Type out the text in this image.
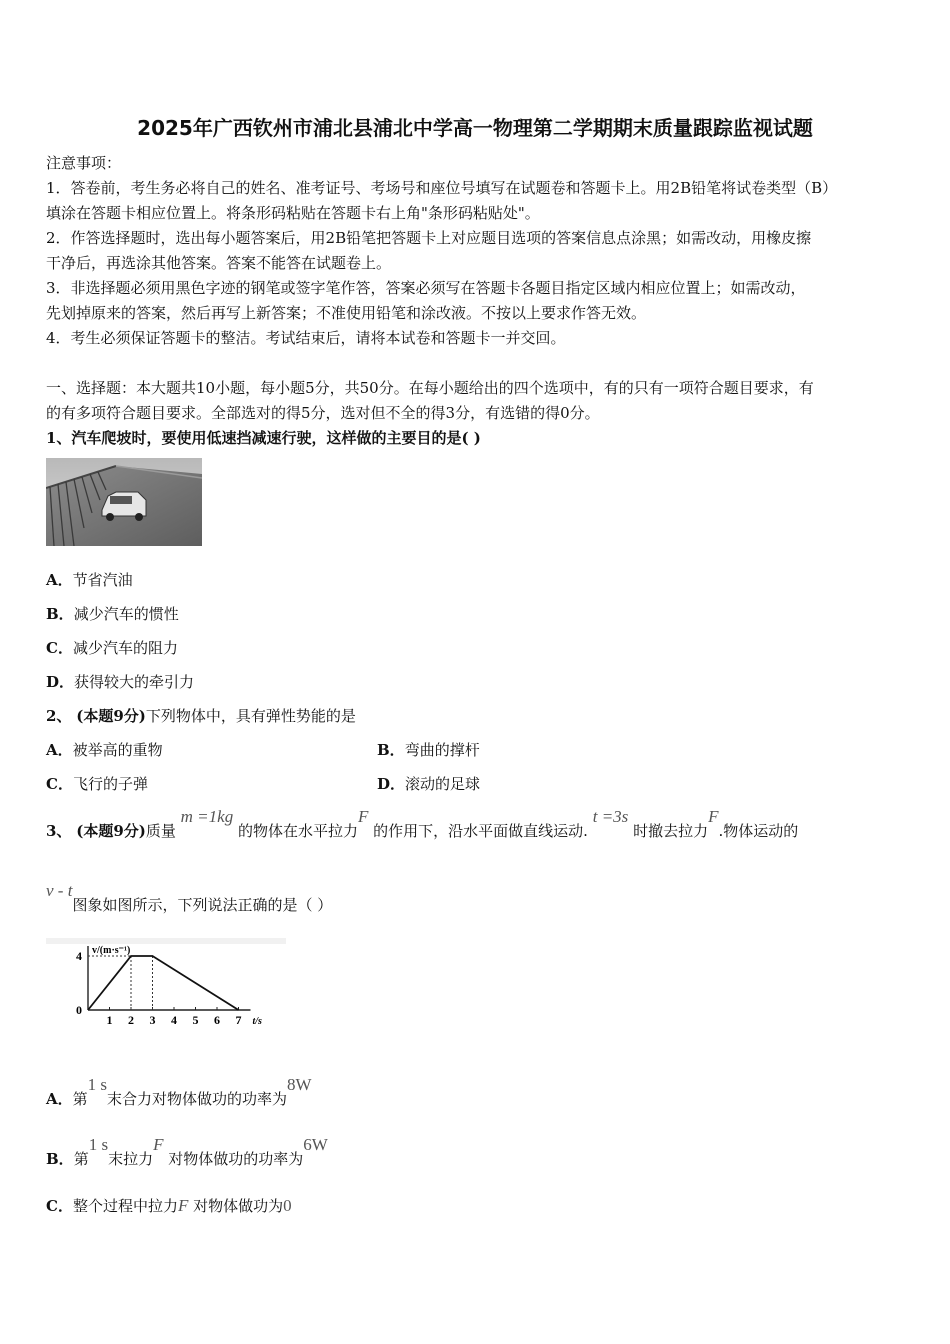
2025年广西钦州市浦北县浦北中学高一物理第二学期期末质量跟踪监视试题
注意事项：
1．答卷前，考生务必将自己的姓名、准考证号、考场号和座位号填写在试题卷和答题卡上。用2B铅笔将试卷类型（B）
填涂在答题卡相应位置上。将条形码粘贴在答题卡右上角"条形码粘贴处"。
2．作答选择题时，选出每小题答案后，用2B铅笔把答题卡上对应题目选项的答案信息点涂黑；如需改动，用橡皮擦
干净后，再选涂其他答案。答案不能答在试题卷上。
3．非选择题必须用黑色字迹的钢笔或签字笔作答，答案必须写在答题卡各题目指定区域内相应位置上；如需改动，
先划掉原来的答案，然后再写上新答案；不准使用铅笔和涂改液。不按以上要求作答无效。
4．考生必须保证答题卡的整洁。考试结束后，请将本试卷和答题卡一并交回。
一、选择题：本大题共10小题，每小题5分，共50分。在每小题给出的四个选项中，有的只有一项符合题目要求，有
的有多项符合题目要求。全部选对的得5分，选对但不全的得3分，有选错的得0分。
1、汽车爬坡时，要使用低速挡减速行驶，这样做的主要目的是( )
A．节省汽油
B．减少汽车的惯性
C．减少汽车的阻力
D．获得较大的牵引力
2、 (本题9分)下列物体中，具有弹性势能的是
A．被举高的重物	B．弯曲的撑杆
C．飞行的子弹	D．滚动的足球
3、 (本题9分)质量 m =1kg 的物体在水平拉力F 的作用下，沿水平面做直线运动. t =3s 时撤去拉力F.物体运动的
v - t图象如图所示，下列说法正确的是（ ）
1 2 3 4 5 6 7
4
0
v/(m·s⁻¹)
t/s
A．第1 s末合力对物体做功的功率为8W
B．第1 s末拉力F 对物体做功的功率为6W
C．整个过程中拉力F 对物体做功为0
